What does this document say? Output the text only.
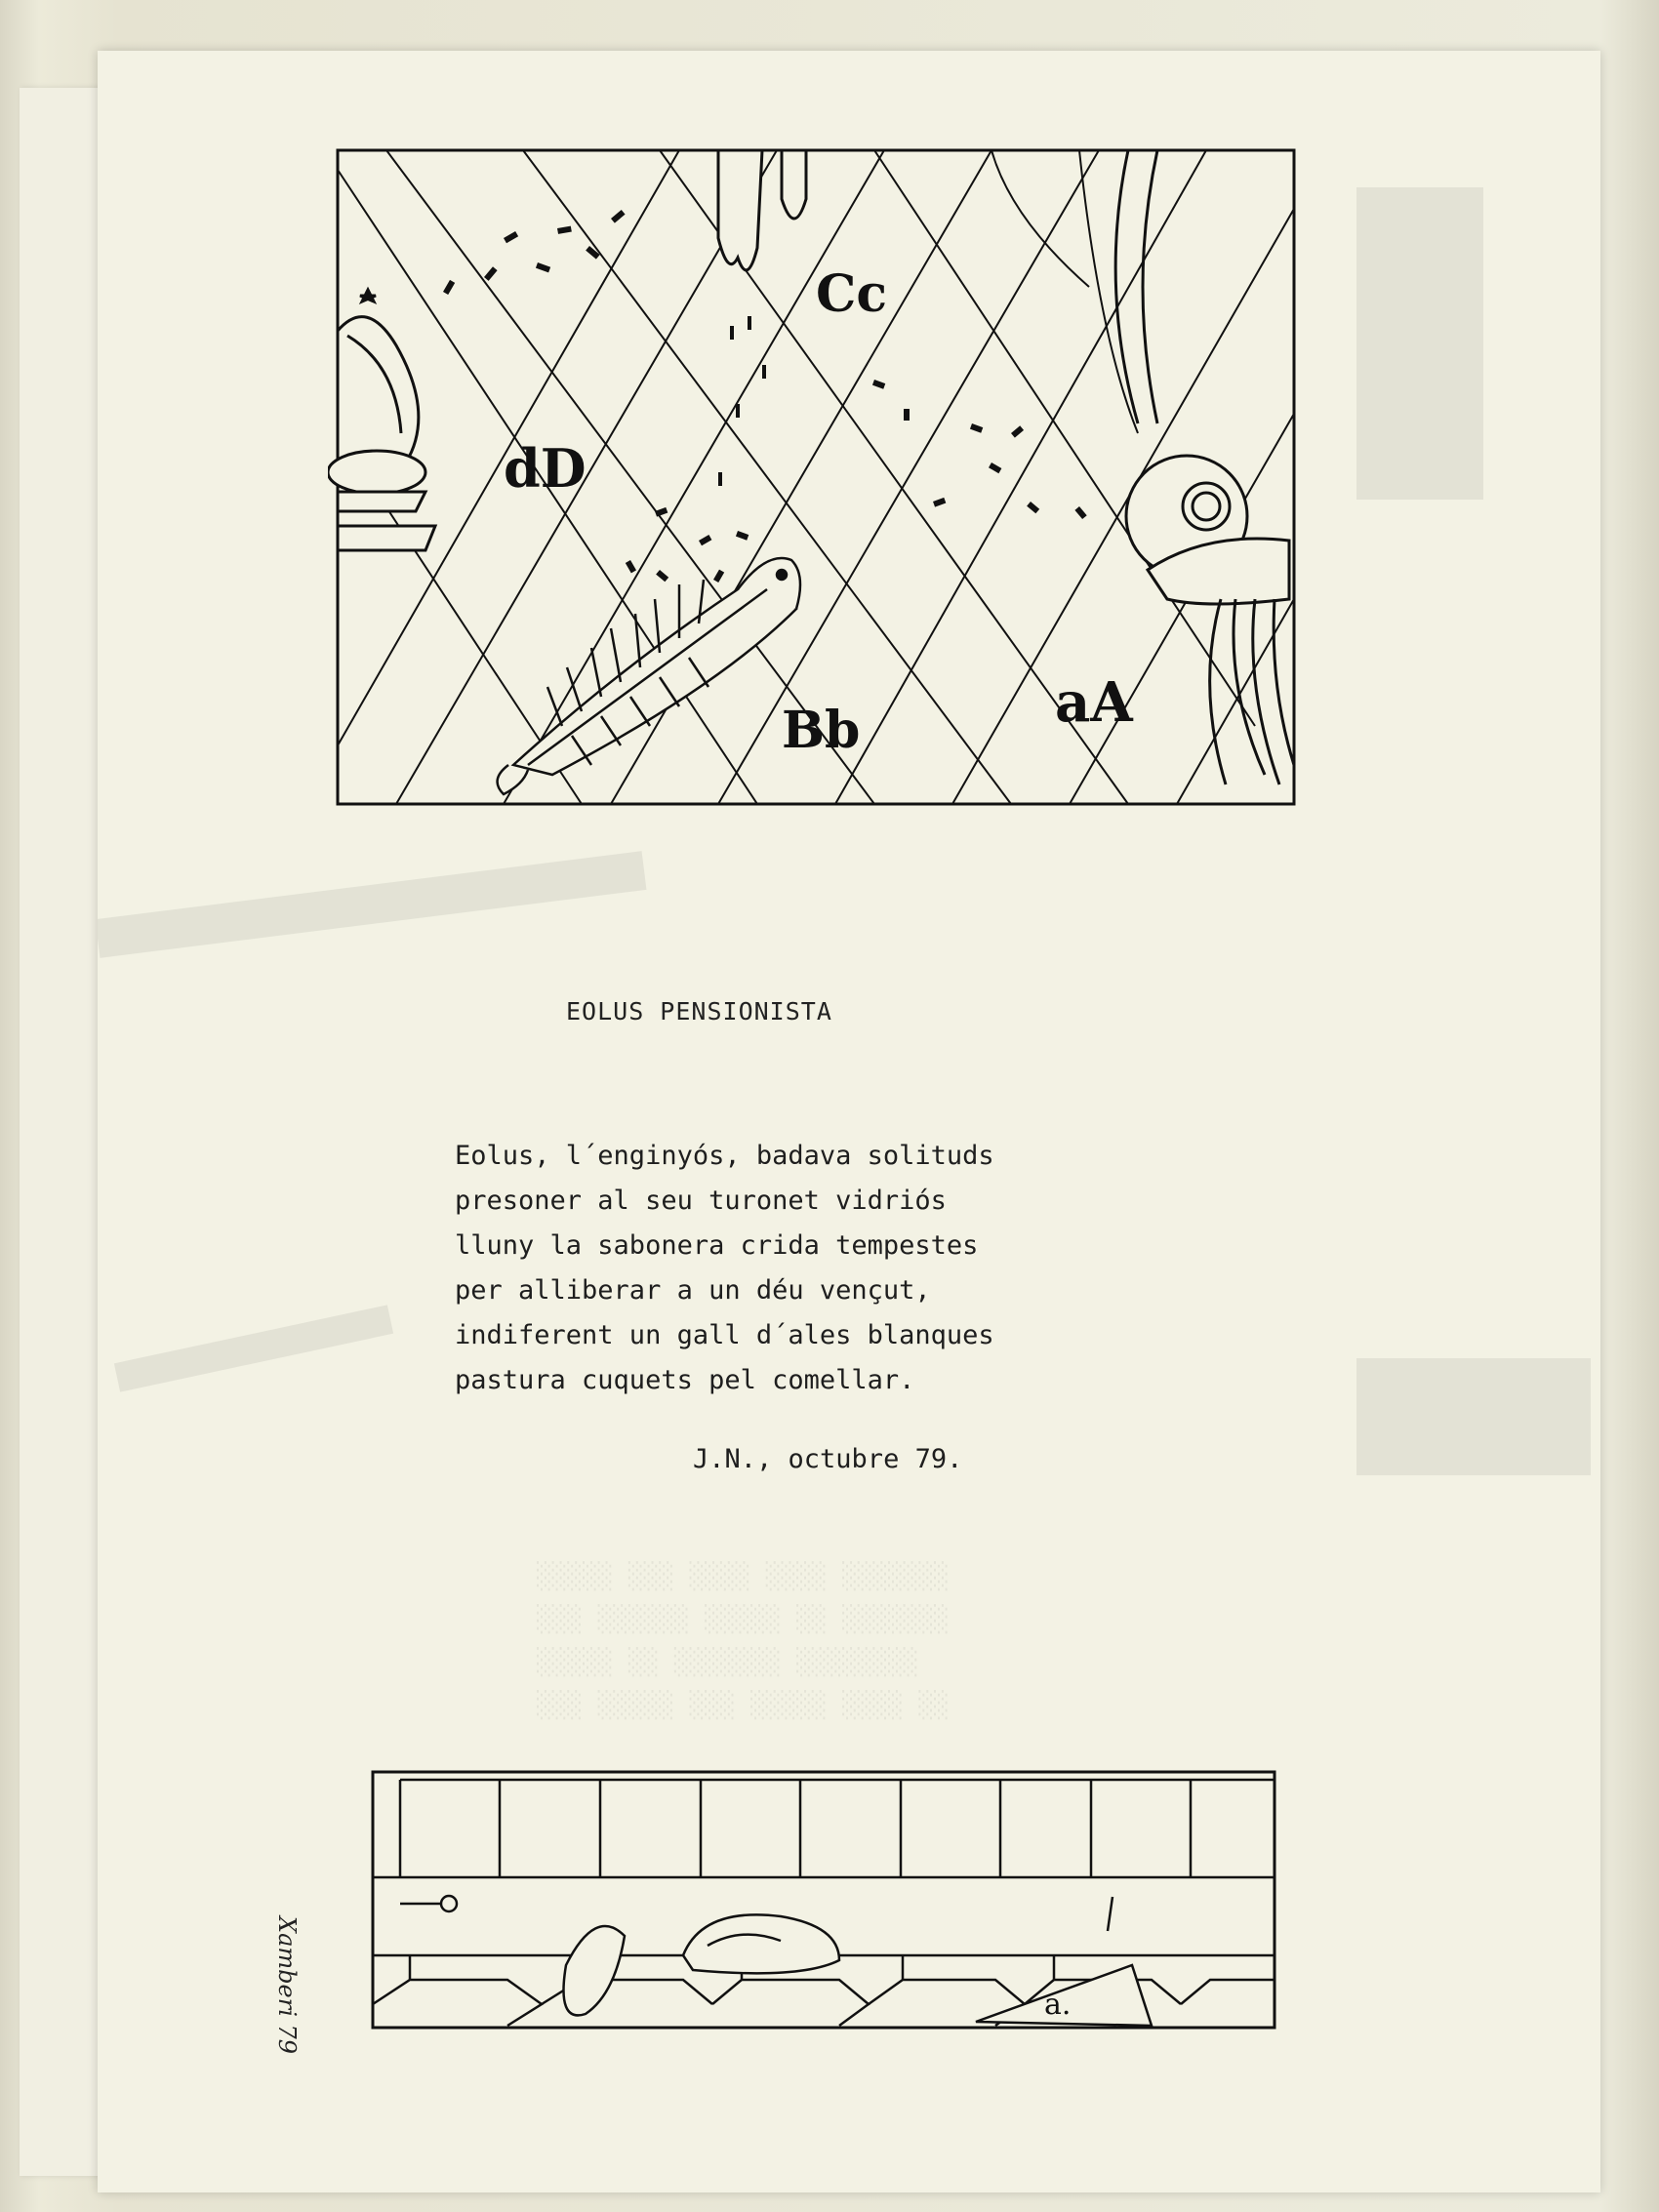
░░░░░ ░░░ ░░░░ ░░░░ ░░░░░░░
░░░ ░░░░░░ ░░░░░ ░░ ░░░░░░░
░░░░░ ░░ ░░░░░░░ ░░░░░░░░
░░░ ░░░░░ ░░░ ░░░░░ ░░░░ ░░
Cc
dD
Bb	aA
EOLUS PENSIONISTA
Eolus, l´enginyós, badava solituds
presoner al seu turonet vidriós
lluny la sabonera crida tempestes
per alliberar a un déu vençut,
indiferent un gall d´ales blanques
pastura cuquets pel comellar.
J.N., octubre 79.
Xamberi 79	a.
